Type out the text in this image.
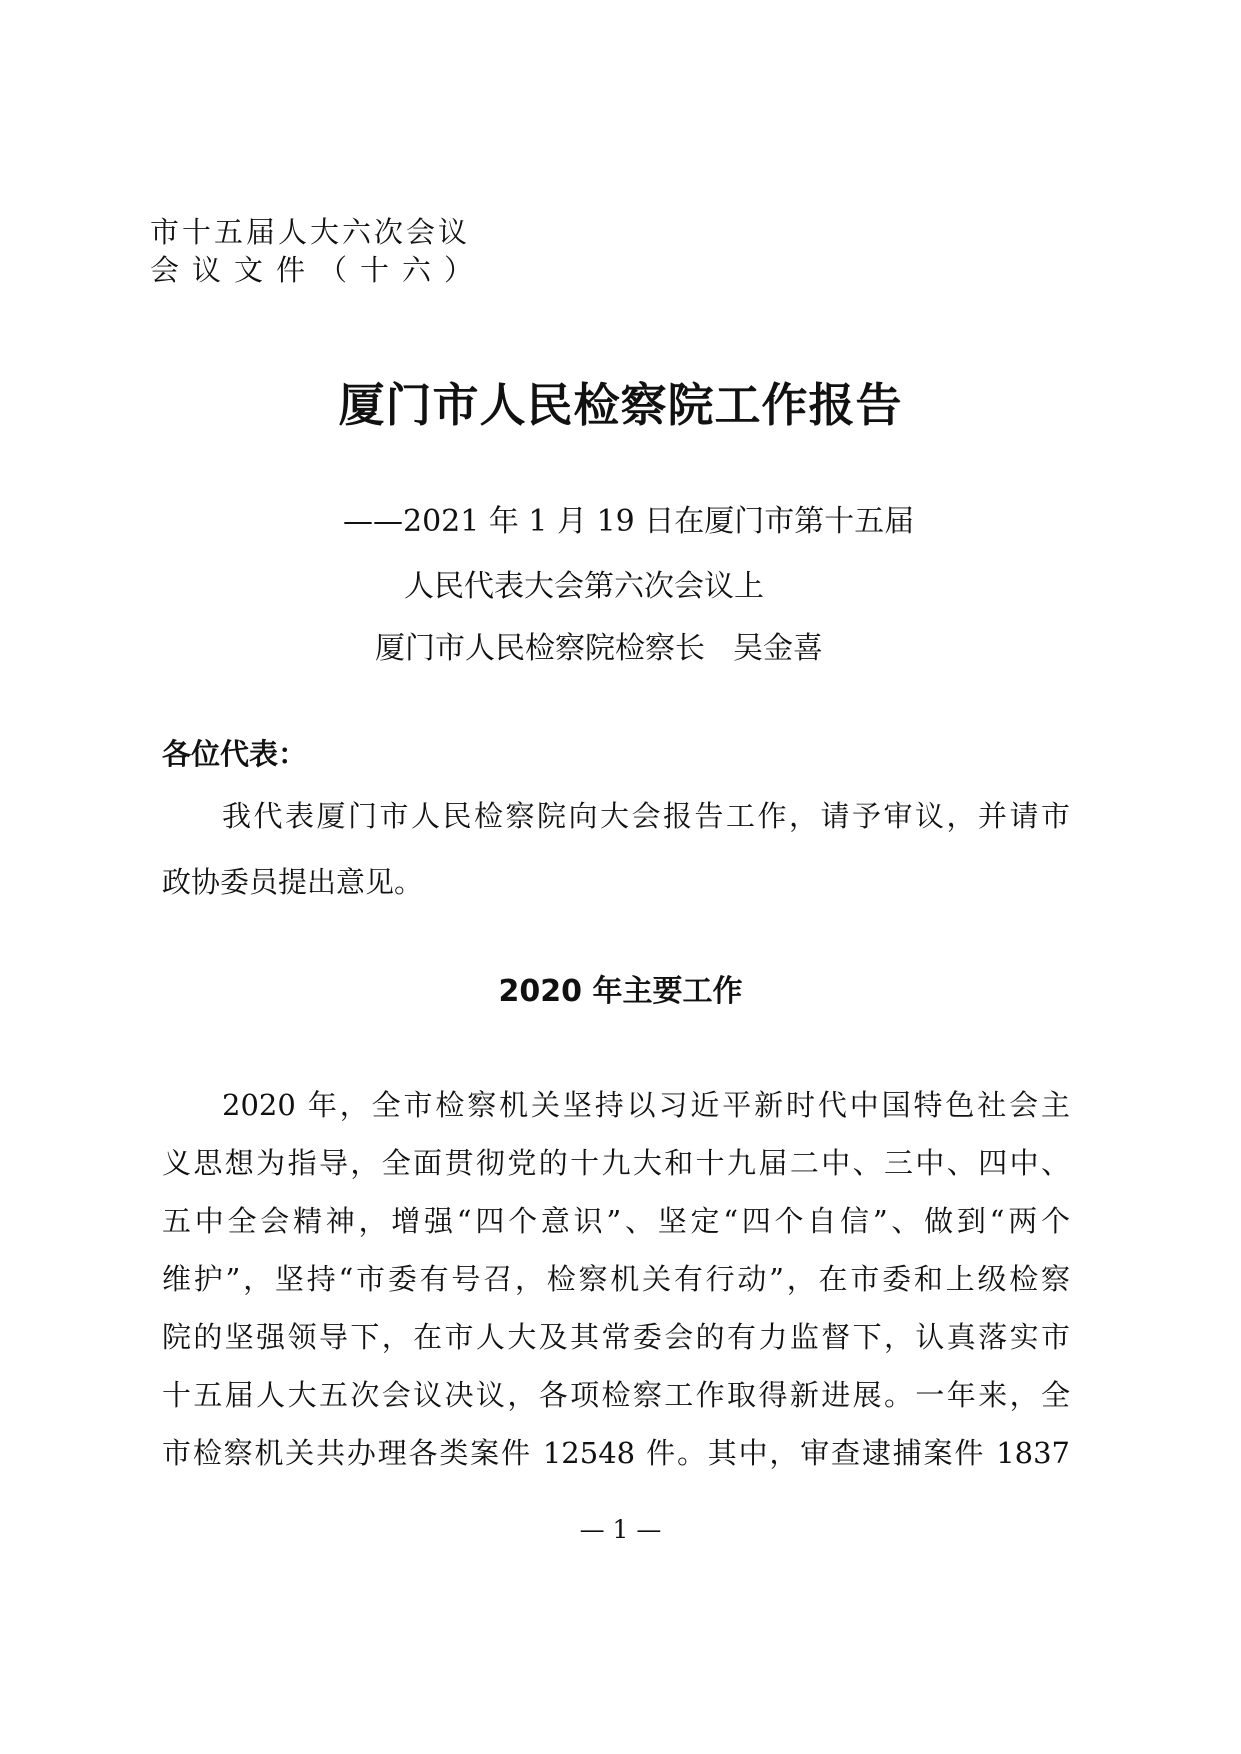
市十五届人大六次会议
会议文件（十六）
厦门市人民检察院工作报告
——2021 年 1 月 19 日在厦门市第十五届
人民代表大会第六次会议上
厦门市人民检察院检察长 吴金喜
各位代表：
我代表厦门市人民检察院向大会报告工作，请予审议，并请市
政协委员提出意见。
2020 年主要工作
2020 年，全市检察机关坚持以习近平新时代中国特色社会主
义思想为指导，全面贯彻党的十九大和十九届二中、三中、四中、
五中全会精神，增强“四个意识”、坚定“四个自信”、做到“两个
维护”，坚持“市委有号召，检察机关有行动”，在市委和上级检察
院的坚强领导下，在市人大及其常委会的有力监督下，认真落实市
十五届人大五次会议决议，各项检察工作取得新进展。一年来，全
市检察机关共办理各类案件 12548 件。其中，审查逮捕案件 1837
— 1 —
